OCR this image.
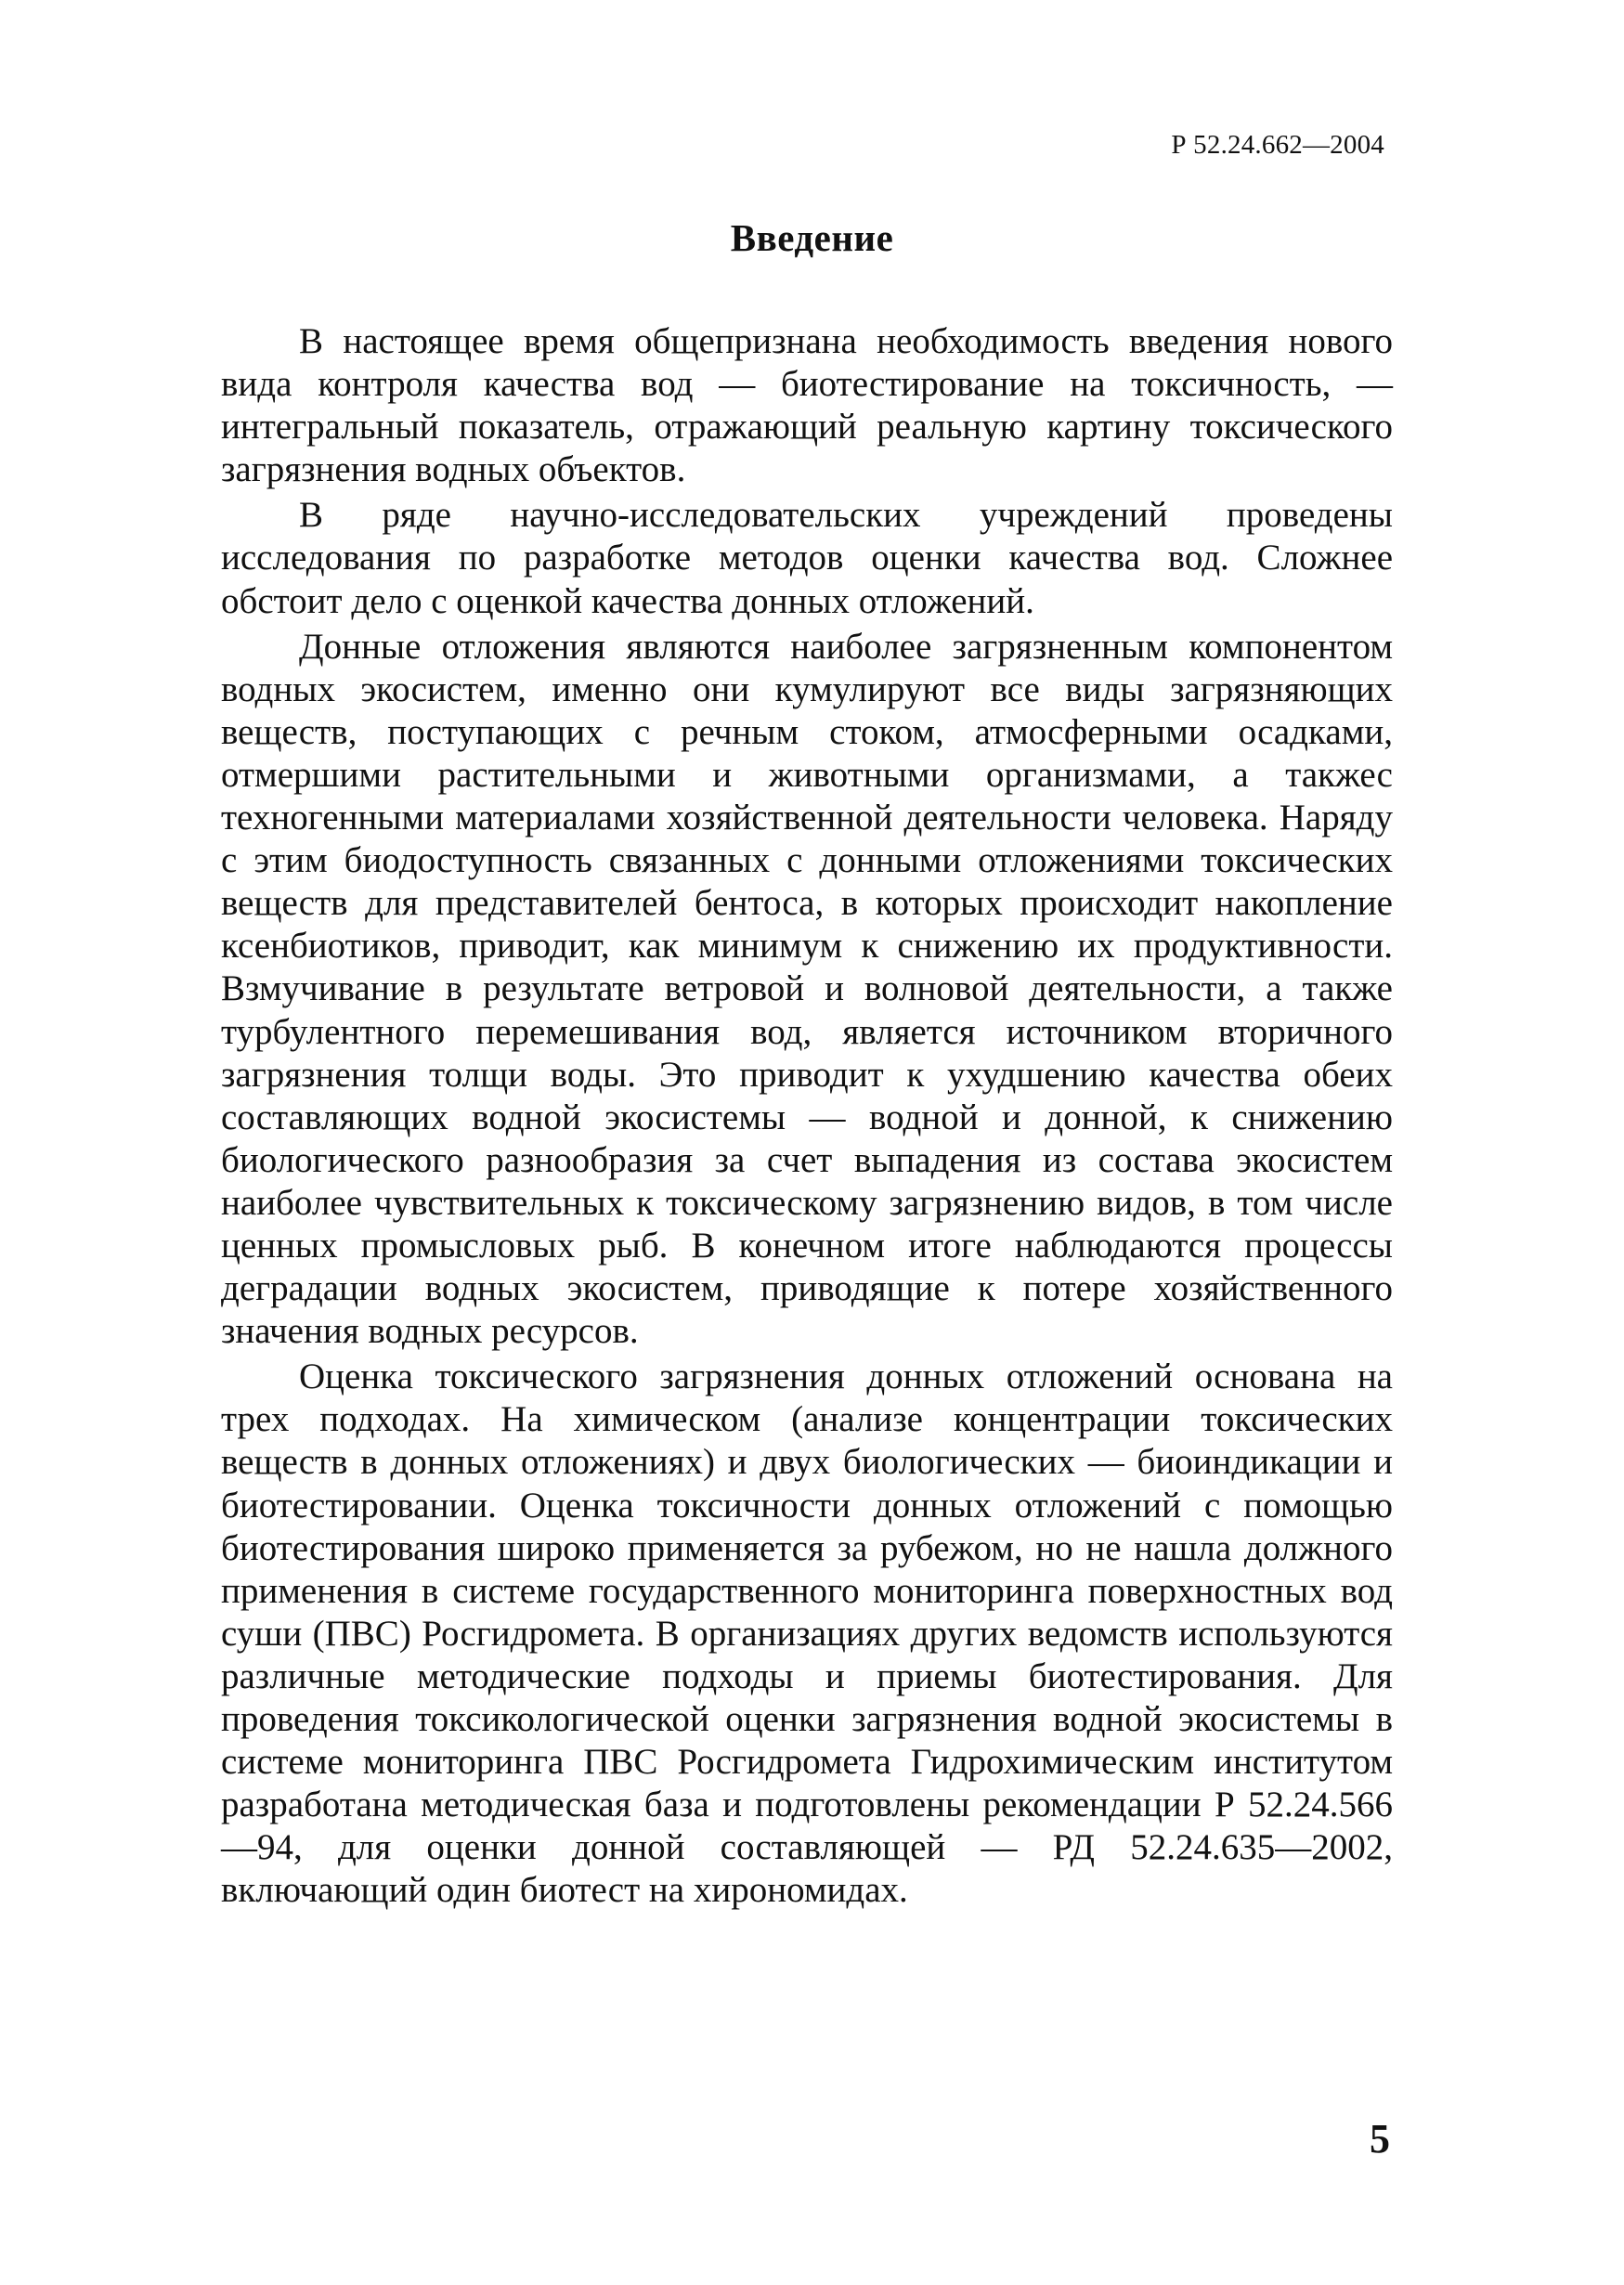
Р 52.24.662—2004
Введение

В настоящее время общепризнана необходимость введения нового вида контроля качества вод — биотестирование на токсичность, — интегральный показатель, отражающий реальную картину токсического загрязнения водных объектов.

В ряде научно-исследовательских учреждений проведены исследования по разработке методов оценки качества вод. Сложнее обстоит дело с оценкой качества донных отложений.

Донные отложения являются наиболее загрязненным компонентом водных экосистем, именно они кумулируют все виды загрязняющих веществ, поступающих с речным стоком, атмосферными осадками, отмершими растительными и животными организмами, а такжес техногенными материалами хозяйственной деятельности человека. Наряду с этим биодоступность связанных с донными отложениями токсических веществ для представителей бентоса, в которых происходит накопление ксенбиотиков, приводит, как минимум к снижению их продуктивности. Взмучивание в результате ветровой и волновой деятельности, а также турбулентного перемешивания вод, является источником вторичного загрязнения толщи воды. Это приводит к ухудшению качества обеих составляющих водной экосистемы — водной и донной, к снижению биологического разнообразия за счет выпадения из состава экосистем наиболее чувствительных к токсическому загрязнению видов, в том числе ценных промысловых рыб. В конечном итоге наблюдаются процессы деградации водных экосистем, приводящие к потере хозяйственного значения водных ресурсов.

Оценка токсического загрязнения донных отложений основана на трех подходах. На химическом (анализе концентрации токсических веществ в донных отложениях) и двух биологических — биоиндикации и биотестировании. Оценка токсичности донных отложений с помощью биотестирования широко применяется за рубежом, но не нашла должного применения в системе государственного мониторинга поверхностных вод суши (ПВС) Росгидромета. В организациях других ведомств используются различные методические подходы и приемы биотестирования. Для проведения токсикологической оценки загрязнения водной экосистемы в системе мониторинга ПВС Росгидромета Гидрохимическим институтом разработана методическая база и подготовлены рекомендации Р 52.24.566—94, для оценки донной составляющей — РД 52.24.635—2002, включающий один биотест на хирономидах.

5
